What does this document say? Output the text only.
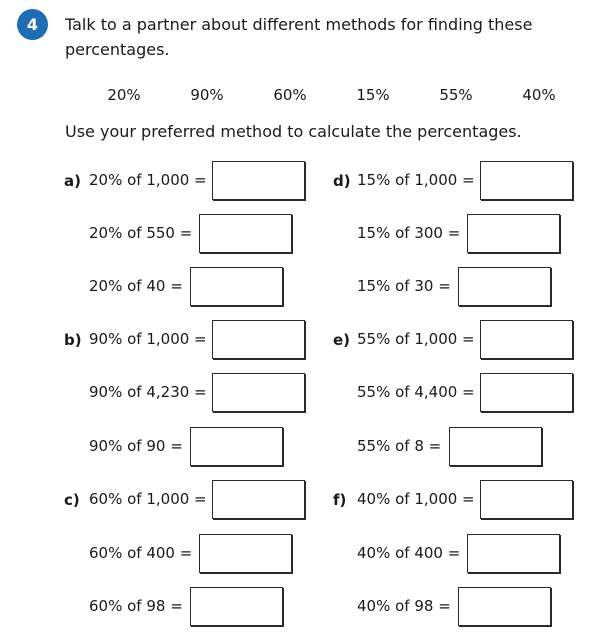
4	Talk to a partner about different methods for finding these percentages.
20%	90%	60%	15%	55%	40%
Use your preferred method to calculate the percentages.
a) 20% of 1,000 =
20% of 550 =
20% of 40 =
b) 90% of 1,000 =
90% of 4,230 =
90% of 90 =
c) 60% of 1,000 =
60% of 400 =
60% of 98 =
d) 15% of 1,000 =
15% of 300 =
15% of 30 =
e) 55% of 1,000 =
55% of 4,400 =
55% of 8 =
f) 40% of 1,000 =
40% of 400 =
40% of 98 =
